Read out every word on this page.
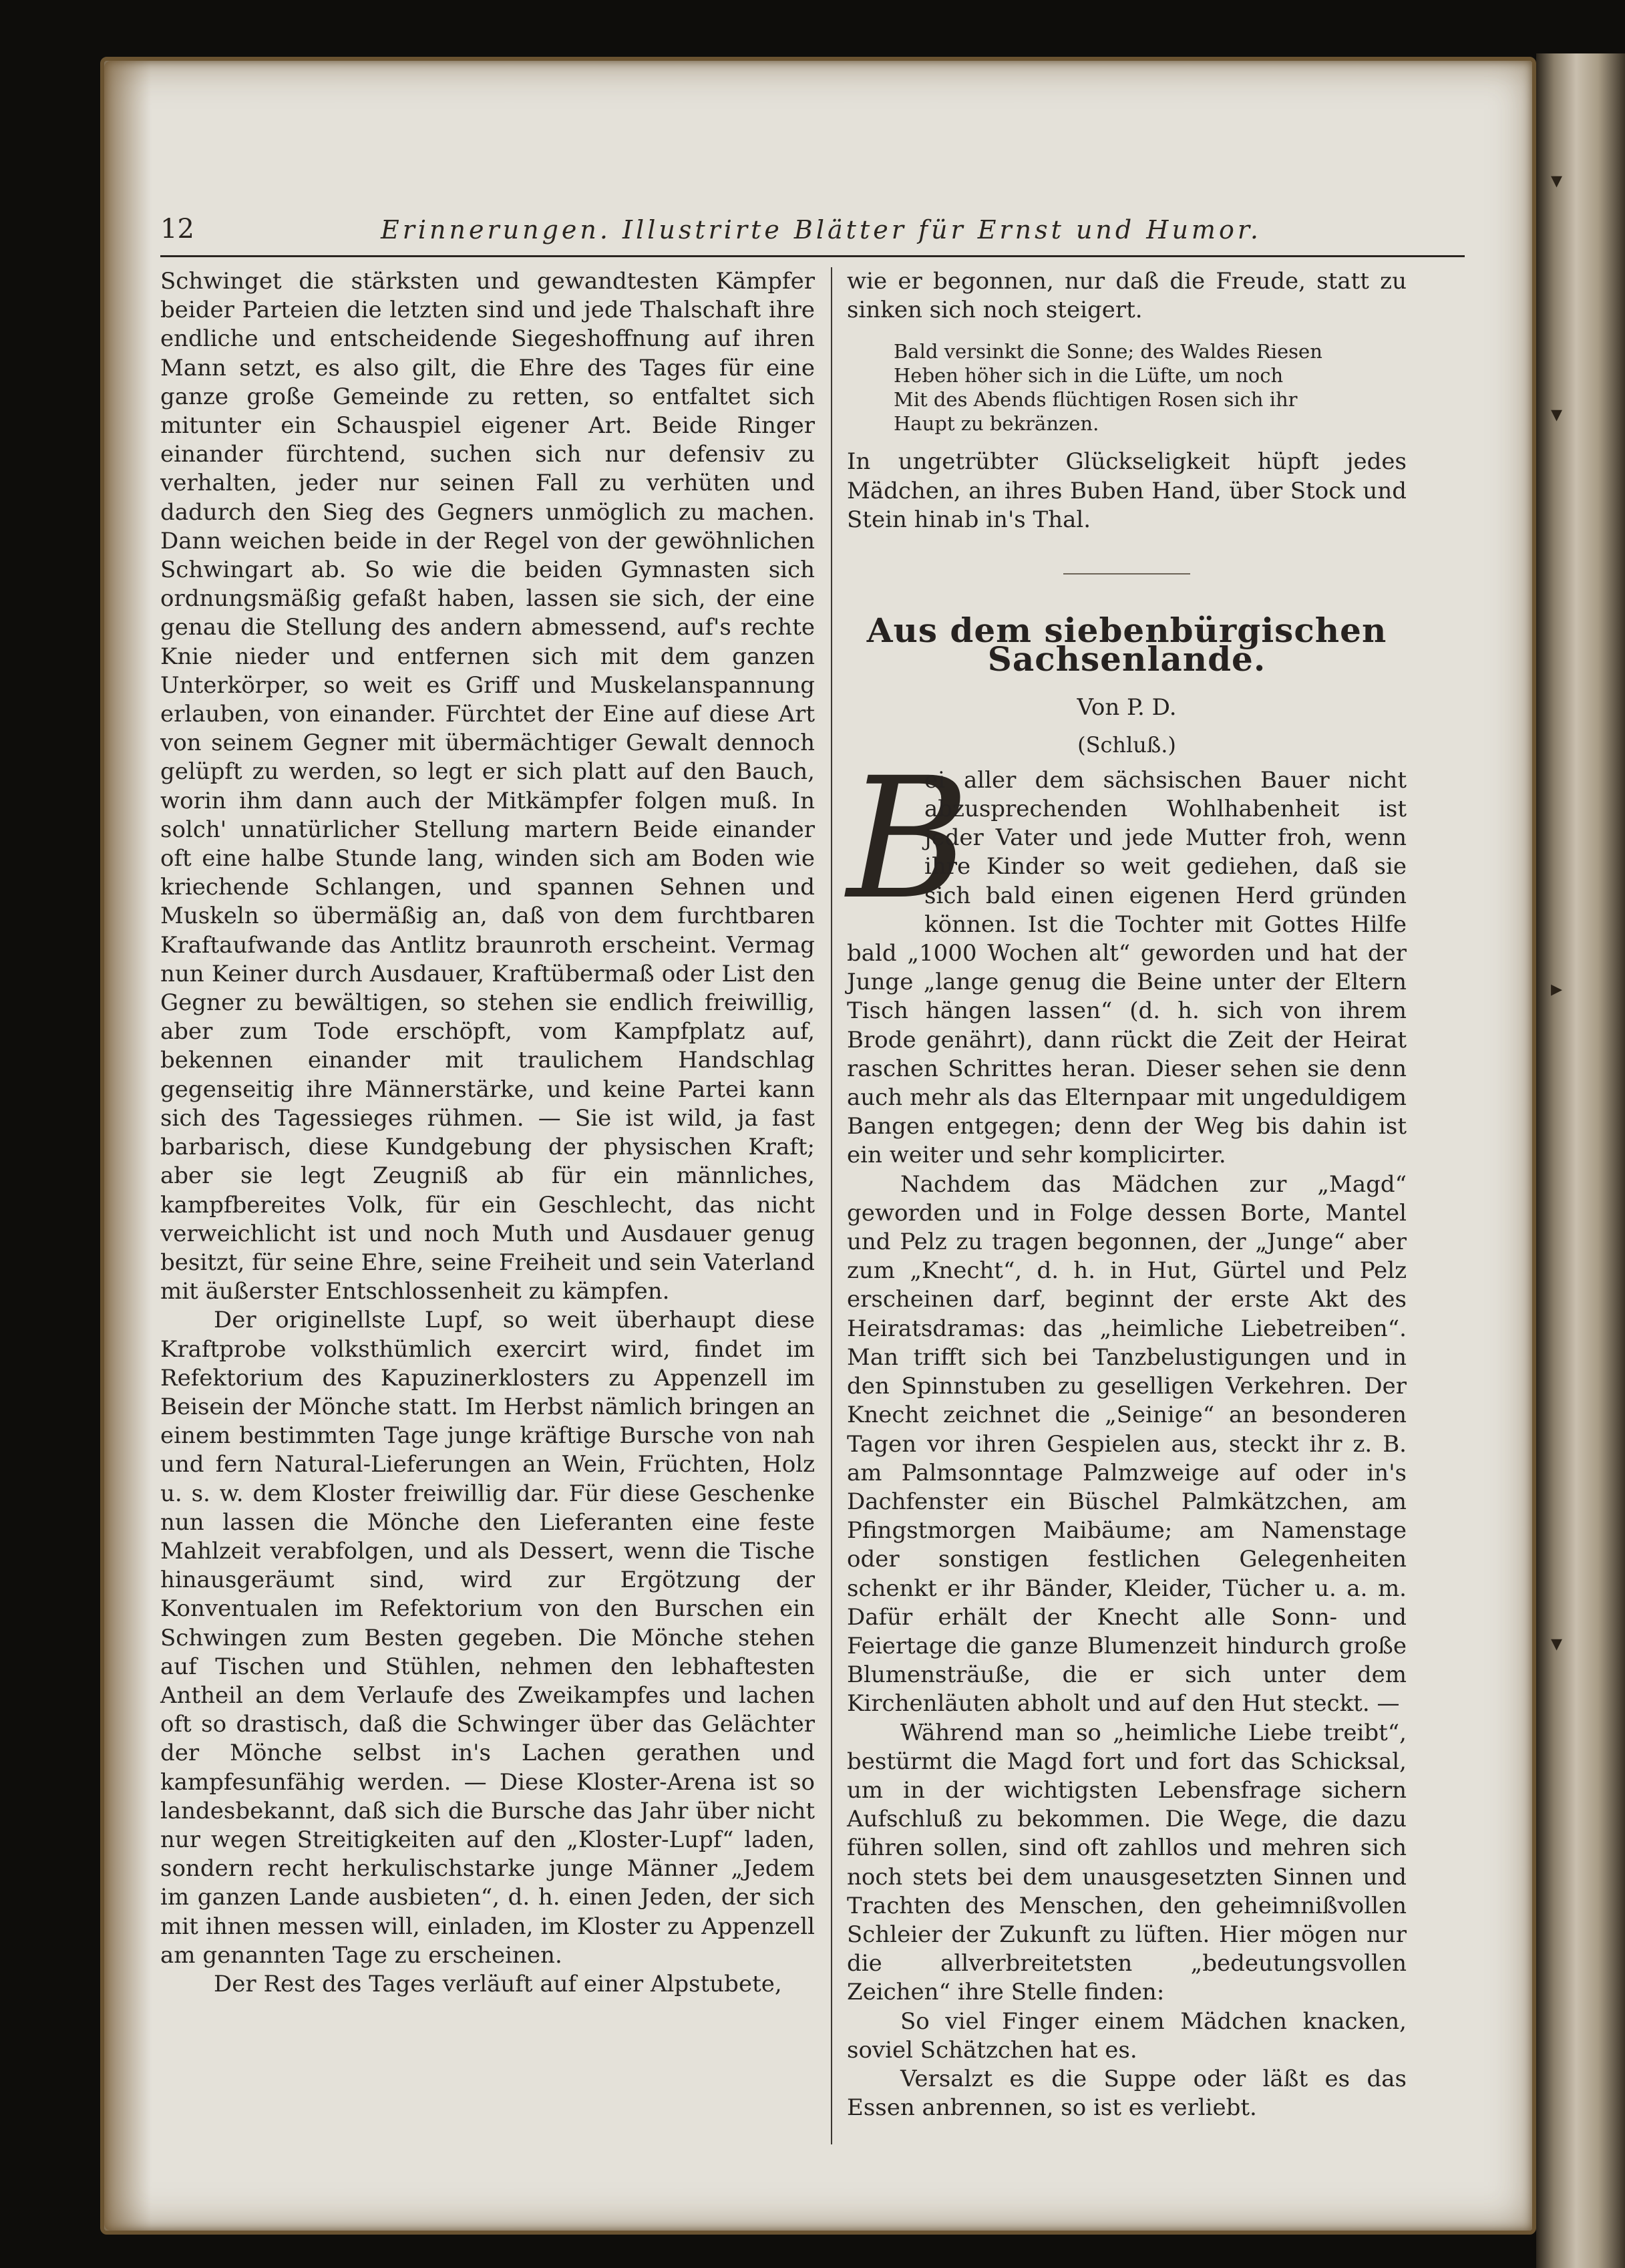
▾
▾
▸
▾
12	Erinnerungen. Illustrirte Blätter für Ernst und Humor.

Schwinget die stärksten und gewandtesten Kämpfer beider Parteien die letzten sind und jede Thalschaft ihre endliche und entscheidende Siegeshoffnung auf ihren Mann setzt, es also gilt, die Ehre des Tages für eine ganze große Gemeinde zu retten, so entfaltet sich mitunter ein Schauspiel eigener Art. Beide Ringer einander fürchtend, suchen sich nur defensiv zu verhalten, jeder nur seinen Fall zu verhüten und dadurch den Sieg des Gegners unmöglich zu machen. Dann weichen beide in der Regel von der gewöhnlichen Schwingart ab. So wie die beiden Gymnasten sich ordnungsmäßig gefaßt haben, lassen sie sich, der eine genau die Stellung des andern abmessend, auf's rechte Knie nieder und entfernen sich mit dem ganzen Unterkörper, so weit es Griff und Muskelanspannung erlauben, von einander. Fürchtet der Eine auf diese Art von seinem Gegner mit übermächtiger Gewalt dennoch gelüpft zu werden, so legt er sich platt auf den Bauch, worin ihm dann auch der Mitkämpfer folgen muß. In solch' unnatürlicher Stellung martern Beide einander oft eine halbe Stunde lang, winden sich am Boden wie kriechende Schlangen, und spannen Sehnen und Muskeln so übermäßig an, daß von dem furchtbaren Kraftaufwande das Antlitz braunroth erscheint. Vermag nun Keiner durch Ausdauer, Kraftübermaß oder List den Gegner zu bewältigen, so stehen sie endlich freiwillig, aber zum Tode erschöpft, vom Kampfplatz auf, bekennen einander mit traulichem Handschlag gegenseitig ihre Männerstärke, und keine Partei kann sich des Tagessieges rühmen. — Sie ist wild, ja fast barbarisch, diese Kundgebung der physischen Kraft; aber sie legt Zeugniß ab für ein männliches, kampfbereites Volk, für ein Geschlecht, das nicht verweichlicht ist und noch Muth und Ausdauer genug besitzt, für seine Ehre, seine Freiheit und sein Vaterland mit äußerster Entschlossenheit zu kämpfen.

Der originellste Lupf, so weit überhaupt diese Kraftprobe volksthümlich exercirt wird, findet im Refektorium des Kapuzinerklosters zu Appenzell im Beisein der Mönche statt. Im Herbst nämlich bringen an einem bestimmten Tage junge kräftige Bursche von nah und fern Natural-Lieferungen an Wein, Früchten, Holz u. s. w. dem Kloster freiwillig dar. Für diese Geschenke nun lassen die Mönche den Lieferanten eine feste Mahlzeit verabfolgen, und als Dessert, wenn die Tische hinausgeräumt sind, wird zur Ergötzung der Konventualen im Refektorium von den Burschen ein Schwingen zum Besten gegeben. Die Mönche stehen auf Tischen und Stühlen, nehmen den lebhaftesten Antheil an dem Verlaufe des Zweikampfes und lachen oft so drastisch, daß die Schwinger über das Gelächter der Mönche selbst in's Lachen gerathen und kampfesunfähig werden. — Diese Kloster-Arena ist so landesbekannt, daß sich die Bursche das Jahr über nicht nur wegen Streitigkeiten auf den „Kloster-Lupf“ laden, sondern recht herkulischstarke junge Männer „Jedem im ganzen Lande ausbieten“, d. h. einen Jeden, der sich mit ihnen messen will, einladen, im Kloster zu Appenzell am genannten Tage zu erscheinen.

Der Rest des Tages verläuft auf einer Alpstubete,

wie er begonnen, nur daß die Freude, statt zu sinken sich noch steigert.

Bald versinkt die Sonne; des Waldes Riesen
Heben höher sich in die Lüfte, um noch
Mit des Abends flüchtigen Rosen sich ihr
Haupt zu bekränzen.

In ungetrübter Glückseligkeit hüpft jedes Mädchen, an ihres Buben Hand, über Stock und Stein hinab in's Thal.

Aus dem siebenbürgischen Sachsenlande.
Von P. D.
(Schluß.)

B
ei aller dem sächsischen Bauer nicht abzusprechenden Wohlhabenheit ist jeder Vater und jede Mutter froh, wenn ihre Kinder so weit gediehen, daß sie sich bald einen eigenen Herd gründen können. Ist die Tochter mit Gottes Hilfe bald „1000 Wochen alt“ geworden und hat der Junge „lange genug die Beine unter der Eltern Tisch hängen lassen“ (d. h. sich von ihrem Brode genährt), dann rückt die Zeit der Heirat raschen Schrittes heran. Dieser sehen sie denn auch mehr als das Elternpaar mit ungeduldigem Bangen entgegen; denn der Weg bis dahin ist ein weiter und sehr komplicirter.

Nachdem das Mädchen zur „Magd“ geworden und in Folge dessen Borte, Mantel und Pelz zu tragen begonnen, der „Junge“ aber zum „Knecht“, d. h. in Hut, Gürtel und Pelz erscheinen darf, beginnt der erste Akt des Heiratsdramas: das „heimliche Liebetreiben“. Man trifft sich bei Tanzbelustigungen und in den Spinnstuben zu geselligen Verkehren. Der Knecht zeichnet die „Seinige“ an besonderen Tagen vor ihren Gespielen aus, steckt ihr z. B. am Palmsonntage Palmzweige auf oder in's Dachfenster ein Büschel Palmkätzchen, am Pfingstmorgen Maibäume; am Namenstage oder sonstigen festlichen Gelegenheiten schenkt er ihr Bänder, Kleider, Tücher u. a. m. Dafür erhält der Knecht alle Sonn- und Feiertage die ganze Blumenzeit hindurch große Blumensträuße, die er sich unter dem Kirchenläuten abholt und auf den Hut steckt. —

Während man so „heimliche Liebe treibt“, bestürmt die Magd fort und fort das Schicksal, um in der wichtigsten Lebensfrage sichern Aufschluß zu bekommen. Die Wege, die dazu führen sollen, sind oft zahllos und mehren sich noch stets bei dem unausgesetzten Sinnen und Trachten des Menschen, den geheimnißvollen Schleier der Zukunft zu lüften. Hier mögen nur die allverbreitetsten „bedeutungsvollen Zeichen“ ihre Stelle finden:

So viel Finger einem Mädchen knacken, soviel Schätzchen hat es.

Versalzt es die Suppe oder läßt es das Essen anbrennen, so ist es verliebt.
